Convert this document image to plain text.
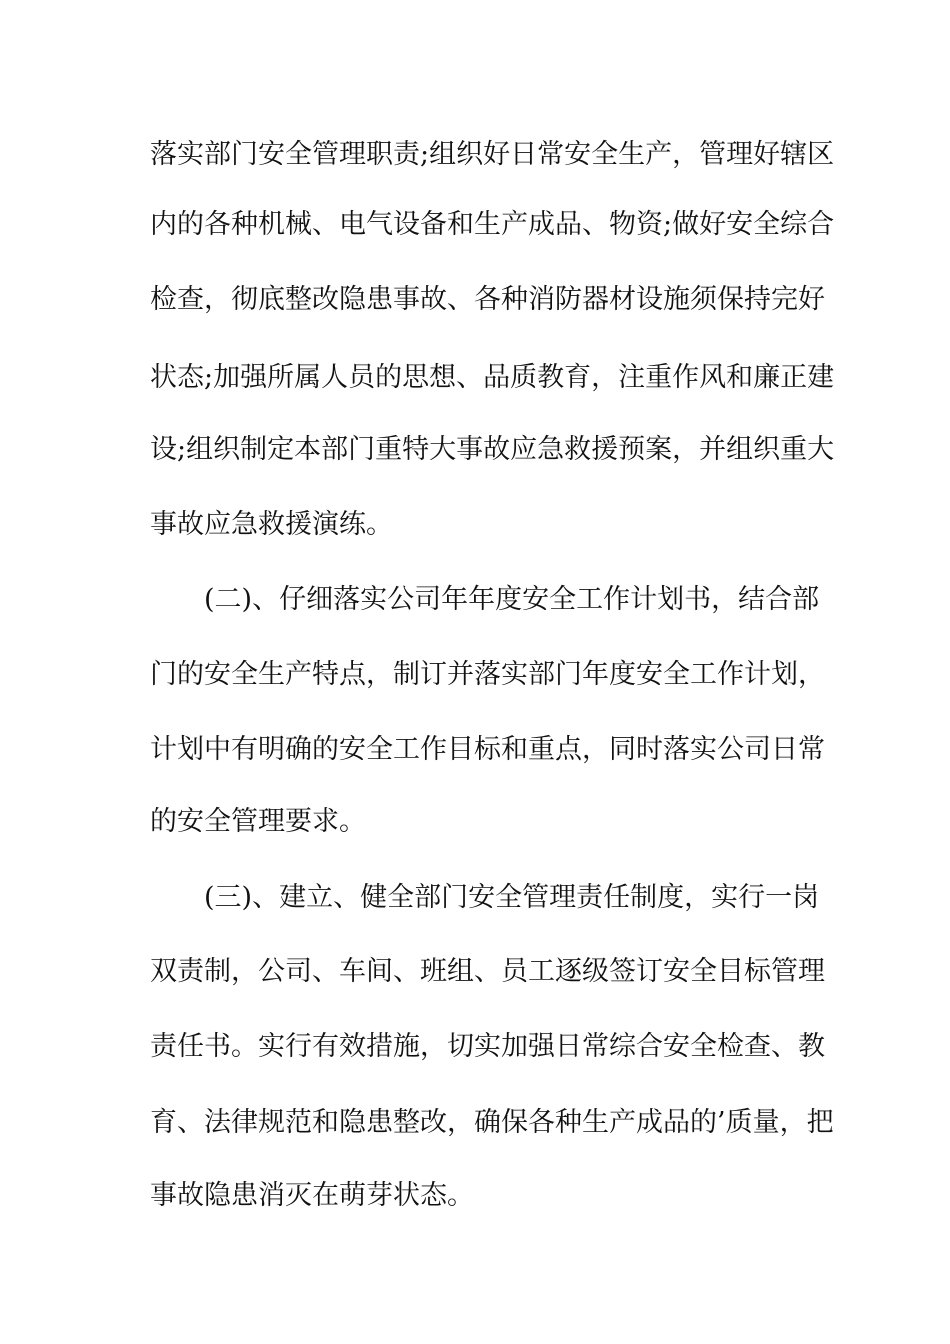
落实部门安全管理职责;组织好日常安全生产，管理好辖区
内的各种机械、电气设备和生产成品、物资;做好安全综合
检查，彻底整改隐患事故、各种消防器材设施须保持完好
状态;加强所属人员的思想、品质教育，注重作风和廉正建
设;组织制定本部门重特大事故应急救援预案，并组织重大
事故应急救援演练。
(二)、仔细落实公司年年度安全工作计划书，结合部
门的安全生产特点，制订并落实部门年度安全工作计划，
计划中有明确的安全工作目标和重点，同时落实公司日常
的安全管理要求。
(三)、建立、健全部门安全管理责任制度，实行一岗
双责制，公司、车间、班组、员工逐级签订安全目标管理
责任书。实行有效措施，切实加强日常综合安全检查、教
育、法律规范和隐患整改，确保各种生产成品的’质量，把
事故隐患消灭在萌芽状态。
